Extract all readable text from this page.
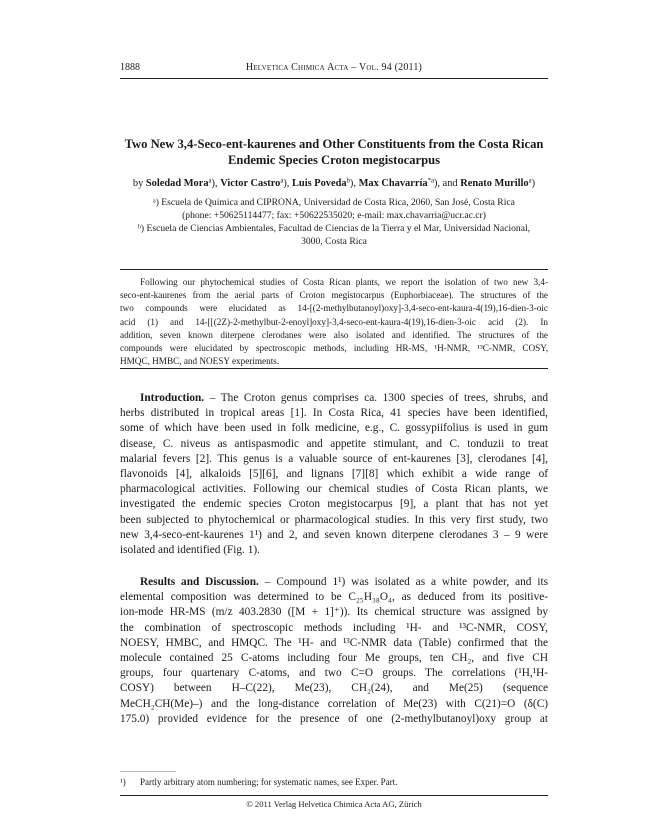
1888	Helvetica Chimica Acta – Vol. 94 (2011)
Two New 3,4-Seco-ent-kaurenes and Other Constituents from the Costa Rican
Endemic Species Croton megistocarpus
by Soledad Mora$^a$), Victor Castro$^a$), Luis Poveda$^b$), Max Chavarría$^{*a}$), and Renato Murillo$^a$)
ᵃ) Escuela de Química and CIPRONA, Universidad de Costa Rica, 2060, San José, Costa Rica
(phone: +50625114477; fax: +50622535020; e-mail: max.chavarria@ucr.ac.cr)
ᵇ) Escuela de Ciencias Ambientales, Facultad de Ciencias de la Tierra y el Mar, Universidad Nacional,
3000, Costa Rica
Following our phytochemical studies of Costa Rican plants, we report the isolation of two new 3,4-
seco-ent-kaurenes from the aerial parts of Croton megistocarpus (Euphorbiaceae). The structures of the
two compounds were elucidated as 14-[(2-methylbutanoyl)oxy]-3,4-seco-ent-kaura-4(19),16-dien-3-oic
acid (1) and 14-[[(2Z)-2-methylbut-2-enoyl]oxy]-3,4-seco-ent-kaura-4(19),16-dien-3-oic acid (2). In
addition, seven known diterpene clerodanes were also isolated and identified. The structures of the
compounds were elucidated by spectroscopic methods, including HR-MS, ¹H-NMR, ¹³C-NMR, COSY,
HMQC, HMBC, and NOESY experiments.
Introduction. – The Croton genus comprises ca. 1300 species of trees, shrubs, and
herbs distributed in tropical areas [1]. In Costa Rica, 41 species have been identified,
some of which have been used in folk medicine, e.g., C. gossypiifolius is used in gum
disease, C. niveus as antispasmodic and appetite stimulant, and C. tonduzii to treat
malarial fevers [2]. This genus is a valuable source of ent-kaurenes [3], clerodanes [4],
flavonoids [4], alkaloids [5][6], and lignans [7][8] which exhibit a wide range of
pharmacological activities. Following our chemical studies of Costa Rican plants, we
investigated the endemic species Croton megistocarpus [9], a plant that has not yet
been subjected to phytochemical or pharmacological studies. In this very first study, two
new 3,4-seco-ent-kaurenes 1¹) and 2, and seven known diterpene clerodanes 3 – 9 were
isolated and identified (Fig. 1).
Results and Discussion. – Compound 1¹) was isolated as a white powder, and its
elemental composition was determined to be C₂₅H₃₈O₄, as deduced from its positive-
ion-mode HR-MS (m/z 403.2830 ([M + 1]⁺)). Its chemical structure was assigned by
the combination of spectroscopic methods including ¹H- and ¹³C-NMR, COSY,
NOESY, HMBC, and HMQC. The ¹H- and ¹³C-NMR data (Table) confirmed that the
molecule contained 25 C-atoms including four Me groups, ten CH₂, and five CH
groups, four quartenary C-atoms, and two C=O groups. The correlations (¹H,¹H-
COSY) between H–C(22), Me(23), CH₂(24), and Me(25) (sequence
MeCH₂CH(Me)–) and the long-distance correlation of Me(23) with C(21)=O (δ(C)
175.0) provided evidence for the presence of one (2-methylbutanoyl)oxy group at
¹) Partly arbitrary atom numbering; for systematic names, see Exper. Part.
© 2011 Verlag Helvetica Chimica Acta AG, Zürich
